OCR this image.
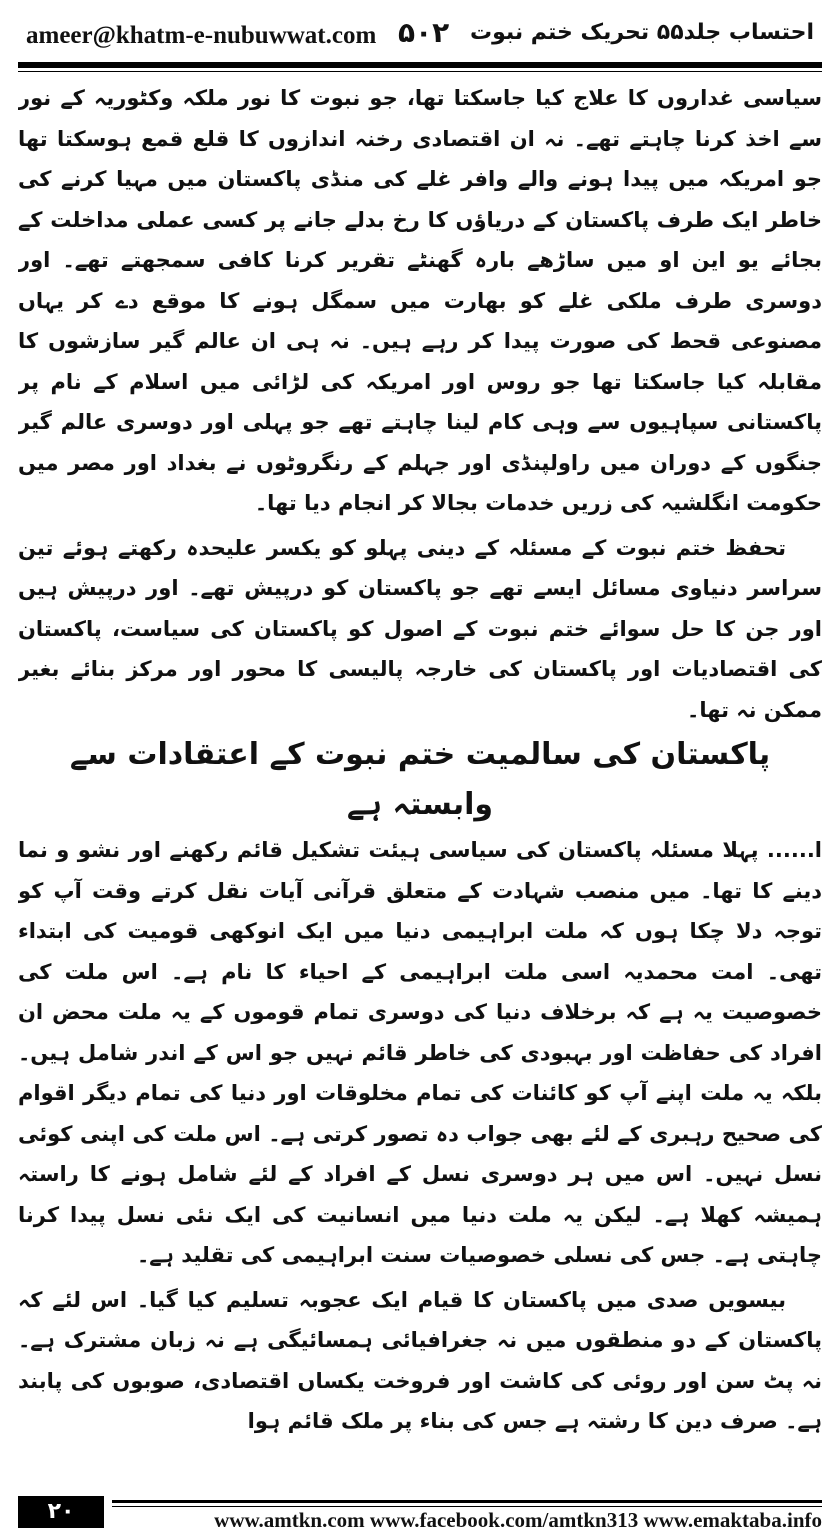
ameer@khatm-e-nubuwwat.com ۵۰۲ احتساب جلد۵۵ تحریک ختم نبوت

سیاسی غداروں کا علاج کیا جاسکتا تھا، جو نبوت کا نور ملکہ وکٹوریہ کے نور سے اخذ کرنا چاہتے تھے۔ نہ ان اقتصادی رخنہ اندازوں کا قلع قمع ہوسکتا تھا جو امریکہ میں پیدا ہونے والے وافر غلے کی منڈی پاکستان میں مہیا کرنے کی خاطر ایک طرف پاکستان کے دریاؤں کا رخ بدلے جانے پر کسی عملی مداخلت کے بجائے یو این او میں ساڑھے بارہ گھنٹے تقریر کرنا کافی سمجھتے تھے۔ اور دوسری طرف ملکی غلے کو بھارت میں سمگل ہونے کا موقع دے کر یہاں مصنوعی قحط کی صورت پیدا کر رہے ہیں۔ نہ ہی ان عالم گیر سازشوں کا مقابلہ کیا جاسکتا تھا جو روس اور امریکہ کی لڑائی میں اسلام کے نام پر پاکستانی سپاہیوں سے وہی کام لینا چاہتے تھے جو پہلی اور دوسری عالم گیر جنگوں کے دوران میں راولپنڈی اور جہلم کے رنگروٹوں نے بغداد اور مصر میں حکومت انگلشیہ کی زریں خدمات بجالا کر انجام دیا تھا۔

تحفظ ختم نبوت کے مسئلہ کے دینی پہلو کو یکسر علیحدہ رکھتے ہوئے تین سراسر دنیاوی مسائل ایسے تھے جو پاکستان کو درپیش تھے۔ اور درپیش ہیں اور جن کا حل سوائے ختم نبوت کے اصول کو پاکستان کی سیاست، پاکستان کی اقتصادیات اور پاکستان کی خارجہ پالیسی کا محور اور مرکز بنائے بغیر ممکن نہ تھا۔

پاکستان کی سالمیت ختم نبوت کے اعتقادات سے وابستہ ہے

ا...... پہلا مسئلہ پاکستان کی سیاسی ہیئت تشکیل قائم رکھنے اور نشو و نما دینے کا تھا۔ میں منصب شہادت کے متعلق قرآنی آیات نقل کرتے وقت آپ کو توجہ دلا چکا ہوں کہ ملت ابراہیمی دنیا میں ایک انوکھی قومیت کی ابتداء تھی۔ امت محمدیہ اسی ملت ابراہیمی کے احیاء کا نام ہے۔ اس ملت کی خصوصیت یہ ہے کہ برخلاف دنیا کی دوسری تمام قوموں کے یہ ملت محض ان افراد کی حفاظت اور بہبودی کی خاطر قائم نہیں جو اس کے اندر شامل ہیں۔ بلکہ یہ ملت اپنے آپ کو کائنات کی تمام مخلوقات اور دنیا کی تمام دیگر اقوام کی صحیح رہبری کے لئے بھی جواب دہ تصور کرتی ہے۔ اس ملت کی اپنی کوئی نسل نہیں۔ اس میں ہر دوسری نسل کے افراد کے لئے شامل ہونے کا راستہ ہمیشہ کھلا ہے۔ لیکن یہ ملت دنیا میں انسانیت کی ایک نئی نسل پیدا کرنا چاہتی ہے۔ جس کی نسلی خصوصیات سنت ابراہیمی کی تقلید ہے۔

بیسویں صدی میں پاکستان کا قیام ایک عجوبہ تسلیم کیا گیا۔ اس لئے کہ پاکستان کے دو منطقوں میں نہ جغرافیائی ہمسائیگی ہے نہ زبان مشترک ہے۔ نہ پٹ سن اور روئی کی کاشت اور فروخت یکساں اقتصادی، صوبوں کی پابند ہے۔ صرف دین کا رشتہ ہے جس کی بناء پر ملک قائم ہوا

۲۰	www.amtkn.com www.facebook.com/amtkn313 www.emaktaba.info
